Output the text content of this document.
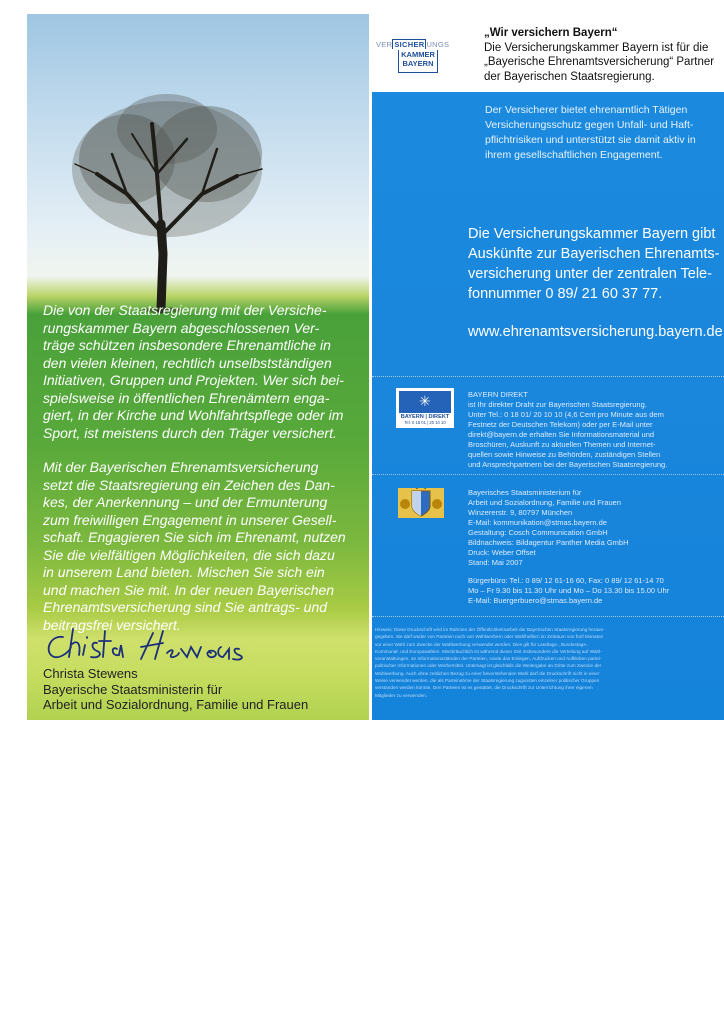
Die von der Staatsregierung mit der Versiche-
rungskammer Bayern abgeschlossenen Ver-
träge schützen insbesondere Ehrenamtliche in
den vielen kleinen, rechtlich unselbstständigen
Initiativen, Gruppen und Projekten. Wer sich bei-
spielsweise in öffentlichen Ehrenämtern enga-
giert, in der Kirche und Wohlfahrtspflege oder im
Sport, ist meistens durch den Träger versichert.
Mit der Bayerischen Ehrenamtsversicherung
setzt die Staatsregierung ein Zeichen des Dan-
kes, der Anerkennung – und der Ermunterung
zum freiwilligen Engagement in unserer Gesell-
schaft. Engagieren Sie sich im Ehrenamt, nutzen
Sie die vielfältigen Möglichkeiten, die sich dazu
in unserem Land bieten. Mischen Sie sich ein
und machen Sie mit. In der neuen Bayerischen
Ehrenamtsversicherung sind Sie antrags- und
beitragsfrei versichert.
Christa Stewens
Bayerische Staatsministerin für
Arbeit und Sozialordnung, Familie und Frauen
VER SICHER UNGS
KAMMER
BAYERN
„Wir versichern Bayern“
Die Versicherungskammer Bayern ist für die
„Bayerische Ehrenamtsversicherung“ Partner
der Bayerischen Staatsregierung.
Der Versicherer bietet ehrenamtlich Tätigen
Versicherungsschutz gegen Unfall- und Haft-
pflichtrisiken und unterstützt sie damit aktiv in
ihrem gesellschaftlichen Engagement.
Die Versicherungskammer Bayern gibt
Auskünfte zur Bayerischen Ehrenamts-
versicherung unter der zentralen Tele-
fonnummer 0 89/ 21 60 37 77.
www.ehrenamtsversicherung.bayern.de
✳
BAYERN | DIREKT
Tel. 0 18 01 | 20 10 10
BAYERN DIREKT
ist Ihr direkter Draht zur Bayerischen Staatsregierung.
Unter Tel.: 0 18 01/ 20 10 10 (4,6 Cent pro Minute aus dem
Festnetz der Deutschen Telekom) oder per E-Mail unter
direkt@bayern.de erhalten Sie Informationsmaterial und
Broschüren, Auskunft zu aktuellen Themen und Internet-
quellen sowie Hinweise zu Behörden, zuständigen Stellen
und Ansprechpartnern bei der Bayerischen Staatsregierung.
Bayerisches Staatsministerium für
Arbeit und Sozialordnung, Familie und Frauen
Winzererstr. 9, 80797 München
E-Mail: kommunikation@stmas.bayern.de
Gestaltung: Cosch Communication GmbH
Bildnachweis: Bildagentur Panther Media GmbH
Druck: Weber Offset
Stand: Mai 2007
Bürgerbüro: Tel.: 0 89/ 12 61-16 60, Fax: 0 89/ 12 61-14 70
Mo – Fr 9.30 bis 11.30 Uhr und Mo – Do 13.30 bis 15.00 Uhr
E-Mail: Buergerbuero@stmas.bayern.de
Hinweis: Diese Druckschrift wird im Rahmen der Öffentlichkeitsarbeit der Bayerischen Staatsregierung heraus-
gegeben. Sie darf weder von Parteien noch von Wahlwerbern oder Wahlhelfern im Zeitraum von fünf Monaten
vor einer Wahl zum Zwecke der Wahlwerbung verwendet werden. Dies gilt für Landtags-, Bundestags-,
Kommunal- und Europawahlen. Missbräuchlich ist während dieser Zeit insbesondere die Verteilung auf Wahl-
veranstaltungen, an Informationsständen der Parteien, sowie das Einlegen, Aufdrucken und Aufkleben partei-
politischer Informationen oder Werbemittel. Untersagt ist gleichfalls die Weitergabe an Dritte zum Zwecke der
Wahlwerbung. Auch ohne zeitlichen Bezug zu einer bevorstehenden Wahl darf die Druckschrift nicht in einer
Weise verwendet werden, die als Parteinahme der Staatsregierung zugunsten einzelner politischer Gruppen
verstanden werden könnte. Den Parteien ist es gestattet, die Druckschrift zur Unterrichtung ihrer eigenen
Mitglieder zu verwenden.
